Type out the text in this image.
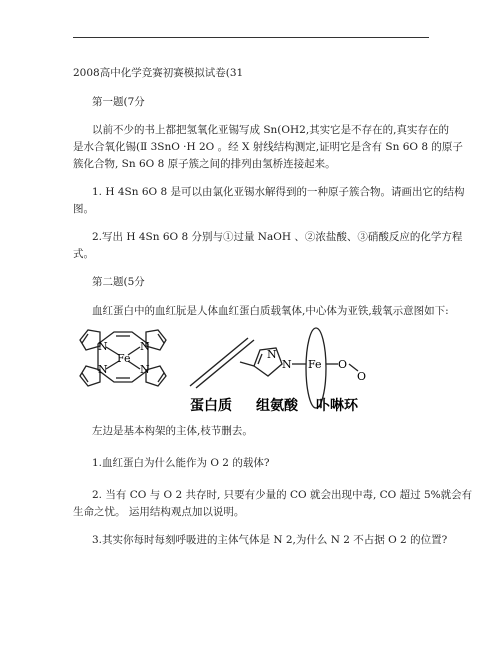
2008高中化学竞赛初赛模拟试卷(31
第一题(7分
以前不少的书上都把氢氧化亚锡写成 Sn(OH2,其实它是不存在的,真实存在的
是水合氧化锡(Ⅱ 3SnO ·H 2O 。经 X 射线结构测定,证明它是含有 Sn 6O 8 的原子
簇化合物, Sn 6O 8 原子簇之间的排列由氢桥连接起来。
1. H 4Sn 6O 8 是可以由氯化亚锡水解得到的一种原子簇合物。请画出它的结构
图。
2.写出 H 4Sn 6O 8 分别与①过量 NaOH 、②浓盐酸、③硝酸反应的化学方程
式。
第二题(5分
血红蛋白中的血红朊是人体血红蛋白质载氧体,中心体为亚铁,载氧示意图如下:
N	N
N	N
Fe	N
N Fe O
O
蛋白质 组氨酸 卟啉环
左边是基本构架的主体,枝节删去。
1.血红蛋白为什么能作为 O 2 的载体?
2. 当有 CO 与 O 2 共存时, 只要有少量的 CO 就会出现中毒, CO 超过 5%就会有
生命之忧。 运用结构观点加以说明。
3.其实你每时每刻呼吸进的主体气体是 N 2,为什么 N 2 不占据 O 2 的位置?
